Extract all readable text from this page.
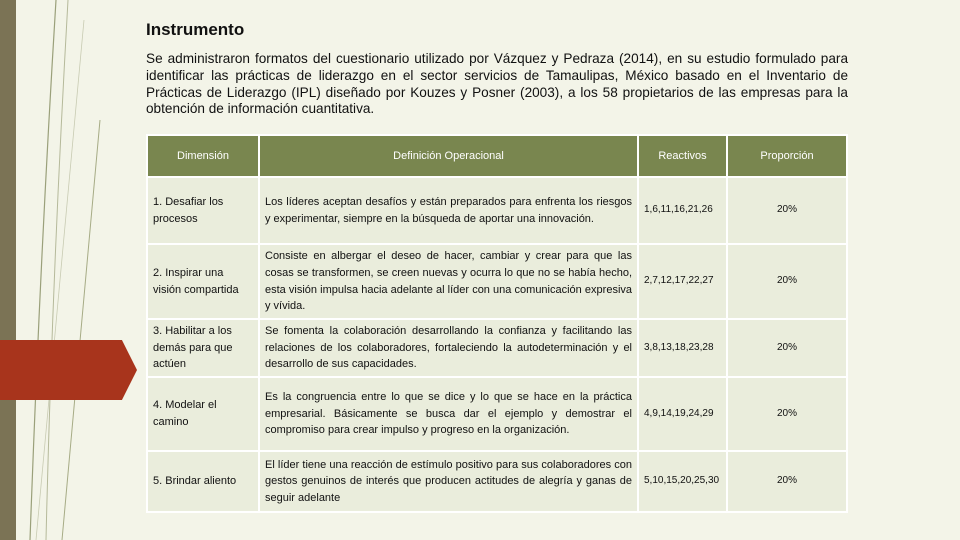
Instrumento

Se administraron formatos del cuestionario utilizado por Vázquez y Pedraza (2014), en su estudio formulado para identificar las prácticas de liderazgo en el sector servicios de Tamaulipas, México basado en el Inventario de Prácticas de Liderazgo (IPL) diseñado por Kouzes y Posner (2003), a los 58 propietarios de las empresas para la obtención de información cuantitativa.

Dimensión	Definición Operacional	Reactivos	Proporción
1. Desafiar los procesos	Los líderes aceptan desafíos y están preparados para enfrenta los riesgos y experimentar, siempre en la búsqueda de aportar una innovación.	1,6,11,16,21,26	20%
2. Inspirar una visión compartida	Consiste en albergar el deseo de hacer, cambiar y crear para que las cosas se transformen, se creen nuevas y ocurra lo que no se había hecho, esta visión impulsa hacia adelante al líder con una comunicación expresiva y vívida.	2,7,12,17,22,27	20%
3. Habilitar a los demás para que actúen	Se fomenta la colaboración desarrollando la confianza y facilitando las relaciones de los colaboradores, fortaleciendo la autodeterminación y el desarrollo de sus capacidades.	3,8,13,18,23,28	20%
4. Modelar el camino	Es la congruencia entre lo que se dice y lo que se hace en la práctica empresarial. Básicamente se busca dar el ejemplo y demostrar el compromiso para crear impulso y progreso en la organización.	4,9,14,19,24,29	20%
5. Brindar aliento	El líder tiene una reacción de estímulo positivo para sus colaboradores con gestos genuinos de interés que producen actitudes de alegría y ganas de seguir adelante	5,10,15,20,25,30	20%
